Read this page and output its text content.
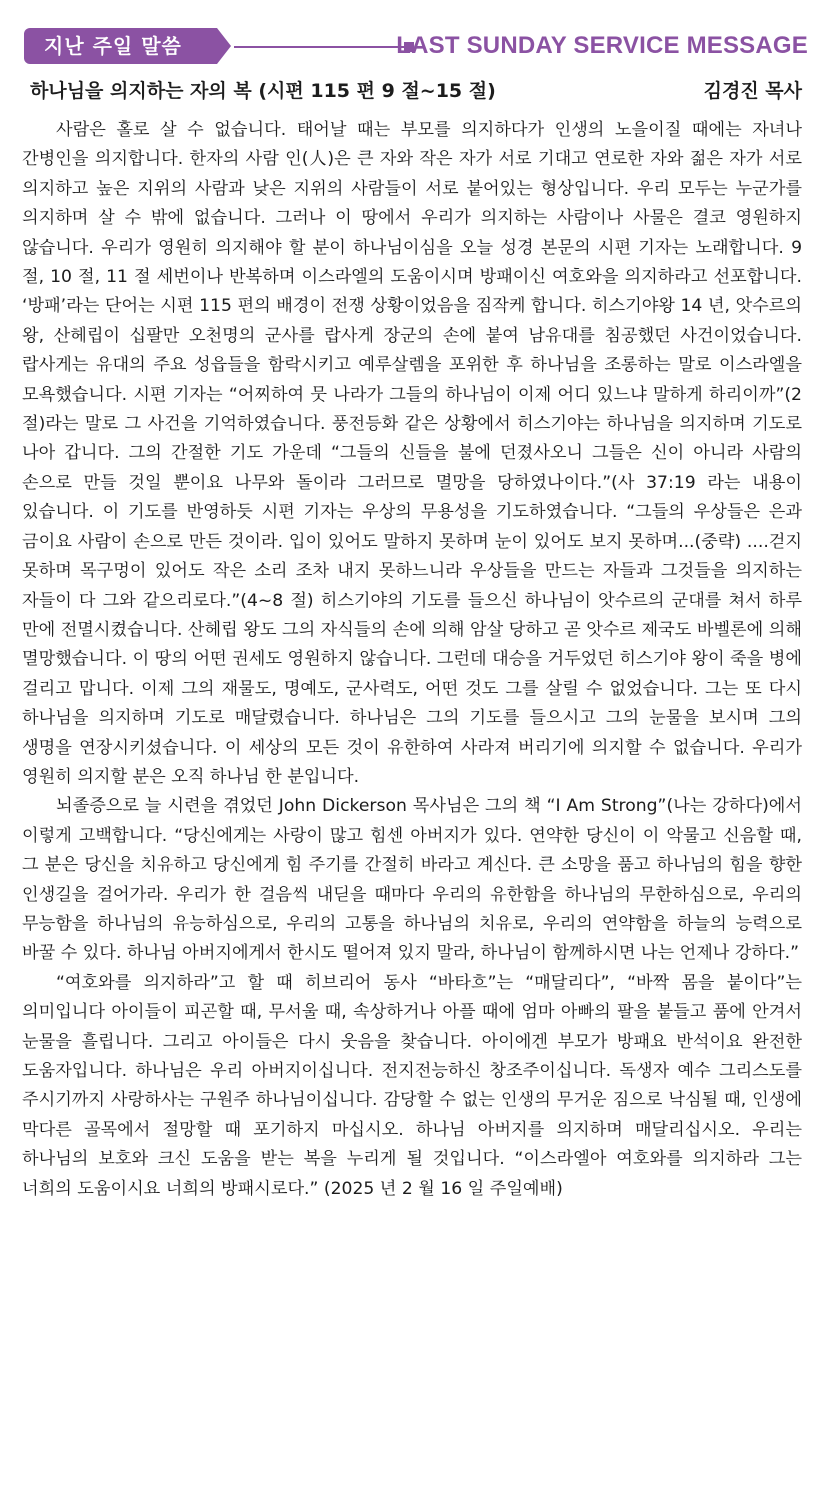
지난 주일 말씀	LAST SUNDAY SERVICE MESSAGE
하나님을 의지하는 자의 복 (시편 115 편 9 절~15 절)	김경진 목사

사람은 홀로 살 수 없습니다. 태어날 때는 부모를 의지하다가 인생의 노을이질 때에는 자녀나 간병인을 의지합니다. 한자의 사람 인(人)은 큰 자와 작은 자가 서로 기대고 연로한 자와 젊은 자가 서로 의지하고 높은 지위의 사람과 낮은 지위의 사람들이 서로 붙어있는 형상입니다. 우리 모두는 누군가를 의지하며 살 수 밖에 없습니다. 그러나 이 땅에서 우리가 의지하는 사람이나 사물은 결코 영원하지 않습니다. 우리가 영원히 의지해야 할 분이 하나님이심을 오늘 성경 본문의 시편 기자는 노래합니다. 9 절, 10 절, 11 절 세번이나 반복하며 이스라엘의 도움이시며 방패이신 여호와을 의지하라고 선포합니다. ‘방패’라는 단어는 시편 115 편의 배경이 전쟁 상황이었음을 짐작케 합니다. 히스기야왕 14 년, 앗수르의 왕, 산헤립이 십팔만 오천명의 군사를 랍사게 장군의 손에 붙여 남유대를 침공했던 사건이었습니다. 랍사게는 유대의 주요 성읍들을 함락시키고 예루살렘을 포위한 후 하나님을 조롱하는 말로 이스라엘을 모욕했습니다. 시편 기자는 “어찌하여 뭇 나라가 그들의 하나님이 이제 어디 있느냐 말하게 하리이까”(2 절)라는 말로 그 사건을 기억하였습니다. 풍전등화 같은 상황에서 히스기야는 하나님을 의지하며 기도로 나아 갑니다. 그의 간절한 기도 가운데 “그들의 신들을 불에 던졌사오니 그들은 신이 아니라 사람의 손으로 만들 것일 뿐이요 나무와 돌이라 그러므로 멸망을 당하였나이다.”(사 37:19 라는 내용이 있습니다. 이 기도를 반영하듯 시편 기자는 우상의 무용성을 기도하였습니다. “그들의 우상들은 은과 금이요 사람이 손으로 만든 것이라. 입이 있어도 말하지 못하며 눈이 있어도 보지 못하며...(중략) ....걷지 못하며 목구멍이 있어도 작은 소리 조차 내지 못하느니라 우상들을 만드는 자들과 그것들을 의지하는 자들이 다 그와 같으리로다.”(4~8 절) 히스기야의 기도를 들으신 하나님이 앗수르의 군대를 쳐서 하루 만에 전멸시켰습니다. 산헤립 왕도 그의 자식들의 손에 의해 암살 당하고 곧 앗수르 제국도 바벨론에 의해 멸망했습니다. 이 땅의 어떤 권세도 영원하지 않습니다. 그런데 대승을 거두었던 히스기야 왕이 죽을 병에 걸리고 맙니다. 이제 그의 재물도, 명예도, 군사력도, 어떤 것도 그를 살릴 수 없었습니다. 그는 또 다시 하나님을 의지하며 기도로 매달렸습니다. 하나님은 그의 기도를 들으시고 그의 눈물을 보시며 그의 생명을 연장시키셨습니다. 이 세상의 모든 것이 유한하여 사라져 버리기에 의지할 수 없습니다. 우리가 영원히 의지할 분은 오직 하나님 한 분입니다.

뇌졸증으로 늘 시련을 겪었던 John Dickerson 목사님은 그의 책 “I Am Strong”(나는 강하다)에서 이렇게 고백합니다. “당신에게는 사랑이 많고 힘센 아버지가 있다. 연약한 당신이 이 악물고 신음할 때, 그 분은 당신을 치유하고 당신에게 힘 주기를 간절히 바라고 계신다. 큰 소망을 품고 하나님의 힘을 향한 인생길을 걸어가라. 우리가 한 걸음씩 내딛을 때마다 우리의 유한함을 하나님의 무한하심으로, 우리의 무능함을 하나님의 유능하심으로, 우리의 고통을 하나님의 치유로, 우리의 연약함을 하늘의 능력으로 바꿀 수 있다. 하나님 아버지에게서 한시도 떨어져 있지 말라, 하나님이 함께하시면 나는 언제나 강하다.”

“여호와를 의지하라”고 할 때 히브리어 동사 “바타흐”는 “매달리다”, “바짝 몸을 붙이다”는 의미입니다 아이들이 피곤할 때, 무서울 때, 속상하거나 아플 때에 엄마 아빠의 팔을 붙들고 품에 안겨서 눈물을 흘립니다. 그리고 아이들은 다시 웃음을 찾습니다. 아이에겐 부모가 방패요 반석이요 완전한 도움자입니다. 하나님은 우리 아버지이십니다. 전지전능하신 창조주이십니다. 독생자 예수 그리스도를 주시기까지 사랑하사는 구원주 하나님이십니다. 감당할 수 없는 인생의 무거운 짐으로 낙심될 때, 인생에 막다른 골목에서 절망할 때 포기하지 마십시오. 하나님 아버지를 의지하며 매달리십시오. 우리는 하나님의 보호와 크신 도움을 받는 복을 누리게 될 것입니다. “이스라엘아 여호와를 의지하라 그는 너희의 도움이시요 너희의 방패시로다.” (2025 년 2 월 16 일 주일예배)
